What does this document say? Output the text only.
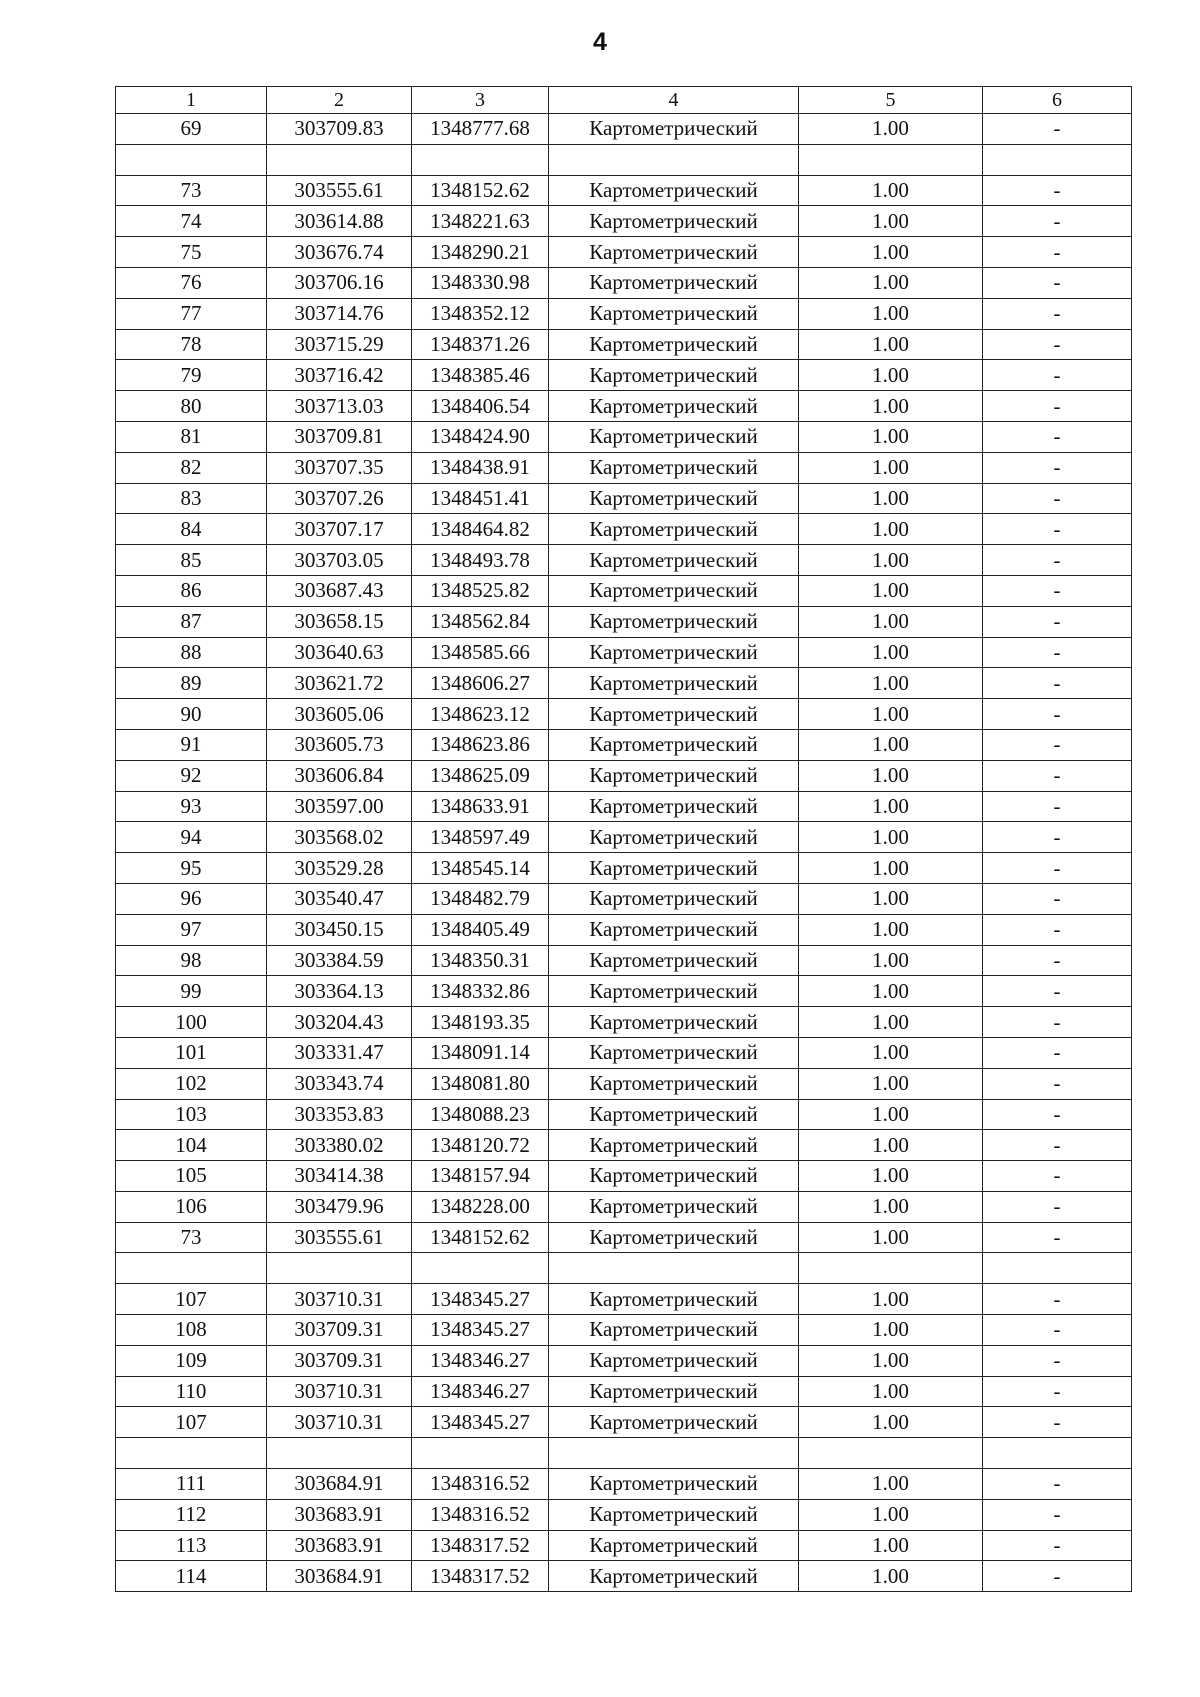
4
1	2	3	4	5	6
69	303709.83	1348777.68	Картометрический	1.00	-

73	303555.61	1348152.62	Картометрический	1.00	-
74	303614.88	1348221.63	Картометрический	1.00	-
75	303676.74	1348290.21	Картометрический	1.00	-
76	303706.16	1348330.98	Картометрический	1.00	-
77	303714.76	1348352.12	Картометрический	1.00	-
78	303715.29	1348371.26	Картометрический	1.00	-
79	303716.42	1348385.46	Картометрический	1.00	-
80	303713.03	1348406.54	Картометрический	1.00	-
81	303709.81	1348424.90	Картометрический	1.00	-
82	303707.35	1348438.91	Картометрический	1.00	-
83	303707.26	1348451.41	Картометрический	1.00	-
84	303707.17	1348464.82	Картометрический	1.00	-
85	303703.05	1348493.78	Картометрический	1.00	-
86	303687.43	1348525.82	Картометрический	1.00	-
87	303658.15	1348562.84	Картометрический	1.00	-
88	303640.63	1348585.66	Картометрический	1.00	-
89	303621.72	1348606.27	Картометрический	1.00	-
90	303605.06	1348623.12	Картометрический	1.00	-
91	303605.73	1348623.86	Картометрический	1.00	-
92	303606.84	1348625.09	Картометрический	1.00	-
93	303597.00	1348633.91	Картометрический	1.00	-
94	303568.02	1348597.49	Картометрический	1.00	-
95	303529.28	1348545.14	Картометрический	1.00	-
96	303540.47	1348482.79	Картометрический	1.00	-
97	303450.15	1348405.49	Картометрический	1.00	-
98	303384.59	1348350.31	Картометрический	1.00	-
99	303364.13	1348332.86	Картометрический	1.00	-
100	303204.43	1348193.35	Картометрический	1.00	-
101	303331.47	1348091.14	Картометрический	1.00	-
102	303343.74	1348081.80	Картометрический	1.00	-
103	303353.83	1348088.23	Картометрический	1.00	-
104	303380.02	1348120.72	Картометрический	1.00	-
105	303414.38	1348157.94	Картометрический	1.00	-
106	303479.96	1348228.00	Картометрический	1.00	-
73	303555.61	1348152.62	Картометрический	1.00	-

107	303710.31	1348345.27	Картометрический	1.00	-
108	303709.31	1348345.27	Картометрический	1.00	-
109	303709.31	1348346.27	Картометрический	1.00	-
110	303710.31	1348346.27	Картометрический	1.00	-
107	303710.31	1348345.27	Картометрический	1.00	-

111	303684.91	1348316.52	Картометрический	1.00	-
112	303683.91	1348316.52	Картометрический	1.00	-
113	303683.91	1348317.52	Картометрический	1.00	-
114	303684.91	1348317.52	Картометрический	1.00	-
